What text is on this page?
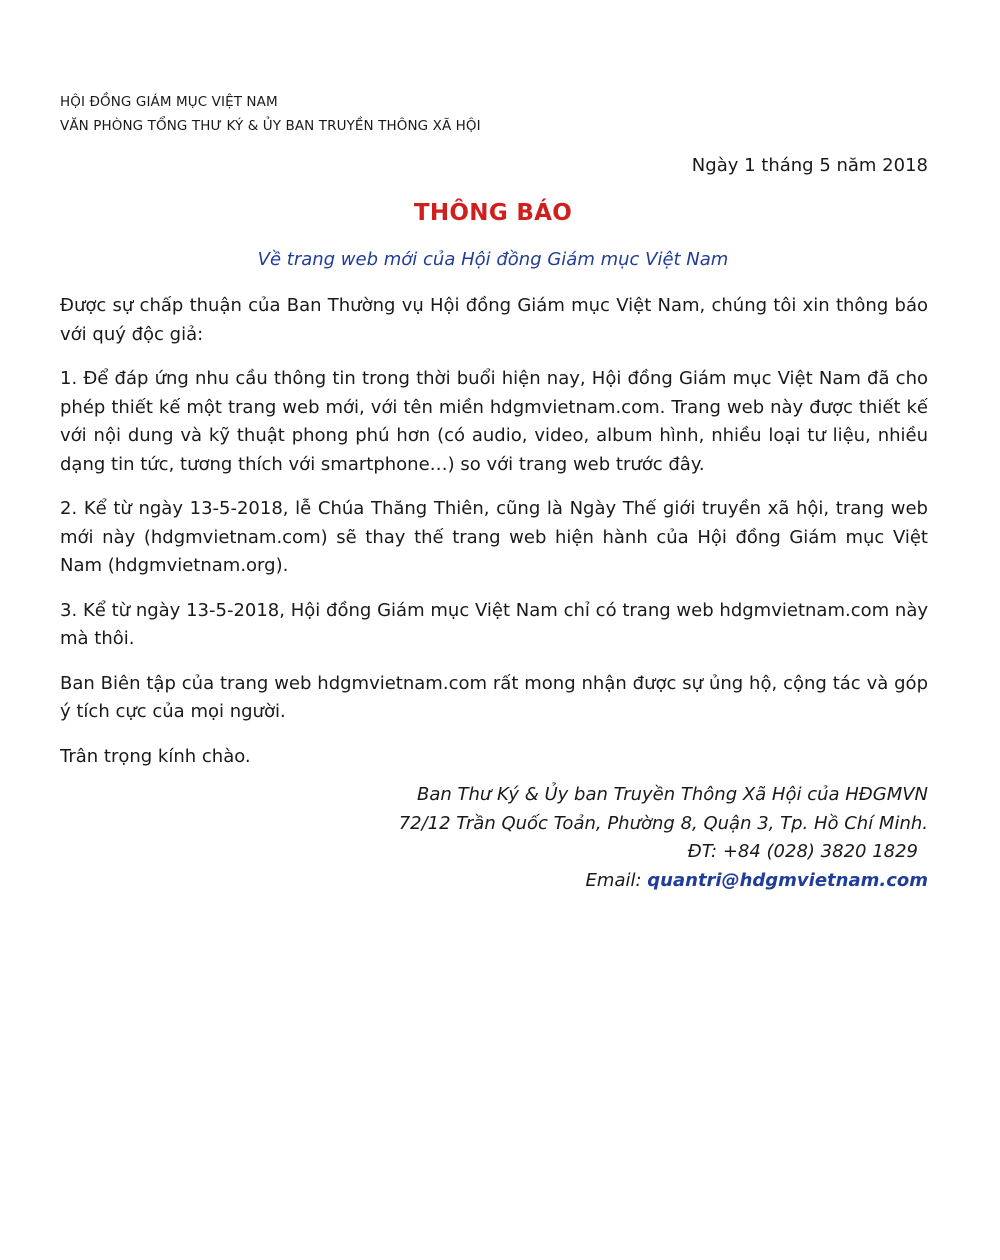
HỘI ĐỒNG GIÁM MỤC VIỆT NAM
VĂN PHÒNG TỔNG THƯ KÝ & ỦY BAN TRUYỀN THÔNG XÃ HỘI
Ngày 1 tháng 5 năm 2018
THÔNG BÁO
Về trang web mới của Hội đồng Giám mục Việt Nam

Được sự chấp thuận của Ban Thường vụ Hội đồng Giám mục Việt Nam, chúng tôi xin thông báo với quý độc giả:

1. Để đáp ứng nhu cầu thông tin trong thời buổi hiện nay, Hội đồng Giám mục Việt Nam đã cho phép thiết kế một trang web mới, với tên miền hdgmvietnam.com. Trang web này được thiết kế với nội dung và kỹ thuật phong phú hơn (có audio, video, album hình, nhiều loại tư liệu, nhiều dạng tin tức, tương thích với smartphone…) so với trang web trước đây.

2. Kể từ ngày 13-5-2018, lễ Chúa Thăng Thiên, cũng là Ngày Thế giới truyền xã hội, trang web mới này (hdgmvietnam.com) sẽ thay thế trang web hiện hành của Hội đồng Giám mục Việt Nam (hdgmvietnam.org).

3. Kể từ ngày 13-5-2018, Hội đồng Giám mục Việt Nam chỉ có trang web hdgmvietnam.com này mà thôi.

Ban Biên tập của trang web hdgmvietnam.com rất mong nhận được sự ủng hộ, cộng tác và góp ý tích cực của mọi người.

Trân trọng kính chào.

Ban Thư Ký & Ủy ban Truyền Thông Xã Hội của HĐGMVN
72/12 Trần Quốc Toản, Phường 8, Quận 3, Tp. Hồ Chí Minh.
ĐT: +84 (028) 3820 1829
Email: quantri@hdgmvietnam.com
